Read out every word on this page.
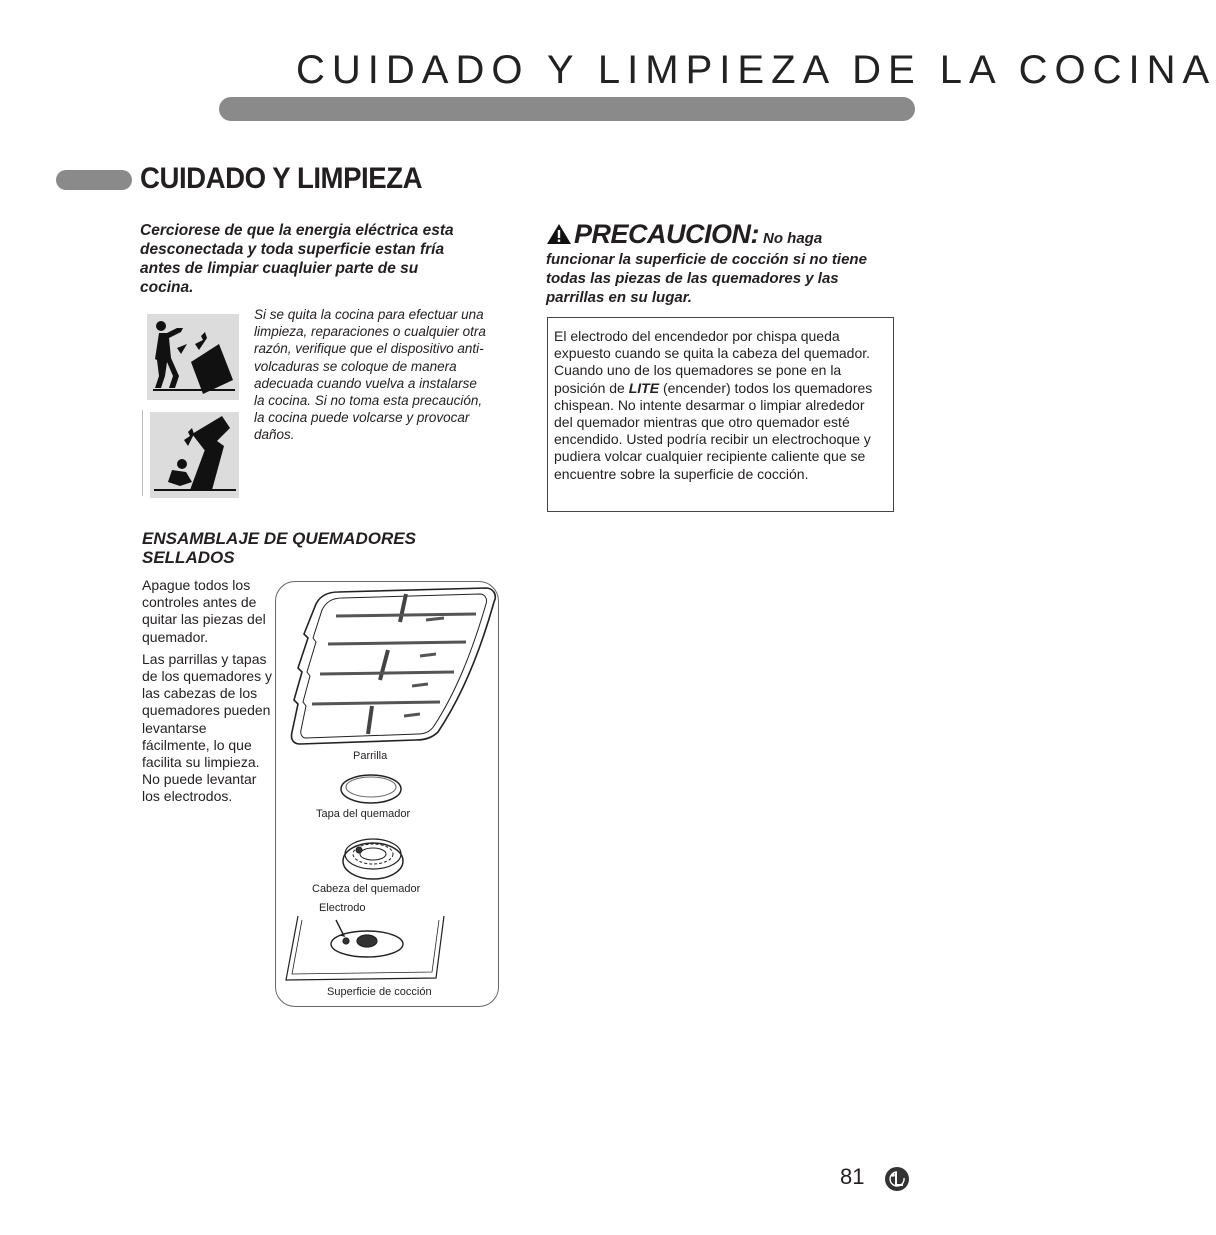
CUIDADO Y LIMPIEZA DE LA COCINA
CUIDADO Y LIMPIEZA
Cerciorese de que la energia eléctrica esta desconectada y toda superficie estan fría antes de limpiar cuaqluier parte de su cocina.
Si se quita la cocina para efectuar una limpieza, reparaciones o cualquier otra razón, verifique que el dispositivo anti-volcaduras se coloque de manera adecuada cuando vuelva a instalarse la cocina. Si no toma esta precaución, la cocina puede volcarse y provocar daños.
PRECAUCION: No haga
funcionar la superficie de cocción si no tiene todas las piezas de las quemadores y las parrillas en su lugar.
El electrodo del encendedor por chispa queda expuesto cuando se quita la cabeza del quemador. Cuando uno de los quemadores se pone en la posición de LITE (encender) todos los quemadores chispean. No intente desarmar o limpiar alrededor del quemador mientras que otro quemador esté encendido. Usted podría recibir un electrochoque y pudiera volcar cualquier recipiente caliente que se encuentre sobre la superficie de cocción.
ENSAMBLAJE DE QUEMADORES SELLADOS

Apague todos los controles antes de quitar las piezas del quemador.

Las parrillas y tapas de los quemadores y las cabezas de los quemadores pueden levantarse fácilmente, lo que facilita su limpieza. No puede levantar los electrodos.

Parrilla
Tapa del quemador
Cabeza del quemador
Electrodo
Superficie de cocción
81
